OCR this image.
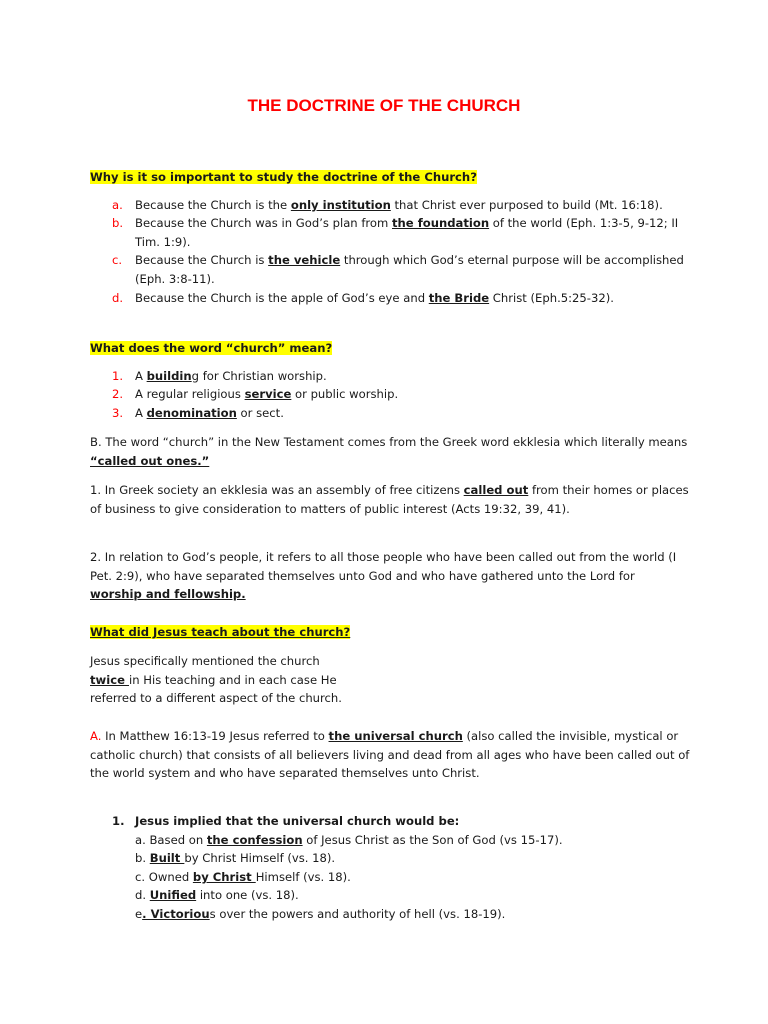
THE DOCTRINE OF THE CHURCH
Why is it so important to study the doctrine of the Church?
a. Because the Church is the only institution that Christ ever purposed to build (Mt. 16:18).
b. Because the Church was in God’s plan from the foundation of the world (Eph. 1:3-5, 9-12; II Tim. 1:9).
c. Because the Church is the vehicle through which God’s eternal purpose will be accomplished (Eph. 3:8-11).
d. Because the Church is the apple of God’s eye and the Bride Christ (Eph.5:25-32).
What does the word “church” mean?
1. A building for Christian worship.
2. A regular religious service or public worship.
3. A denomination or sect.
B. The word “church” in the New Testament comes from the Greek word ekklesia which literally means “called out ones.”
1. In Greek society an ekklesia was an assembly of free citizens called out from their homes or places of business to give consideration to matters of public interest (Acts 19:32, 39, 41).
2. In relation to God’s people, it refers to all those people who have been called out from the world (I Pet. 2:9), who have separated themselves unto God and who have gathered unto the Lord for worship and fellowship.
What did Jesus teach about the church?
Jesus specifically mentioned the church twice in His teaching and in each case He referred to a different aspect of the church.
A. In Matthew 16:13-19 Jesus referred to the universal church (also called the invisible, mystical or catholic church) that consists of all believers living and dead from all ages who have been called out of the world system and who have separated themselves unto Christ.
1. Jesus implied that the universal church would be:
a. Based on the confession of Jesus Christ as the Son of God (vs 15-17).
b. Built by Christ Himself (vs. 18).
c. Owned by Christ Himself (vs. 18).
d. Unified into one (vs. 18).
e. Victorious over the powers and authority of hell (vs. 18-19).
